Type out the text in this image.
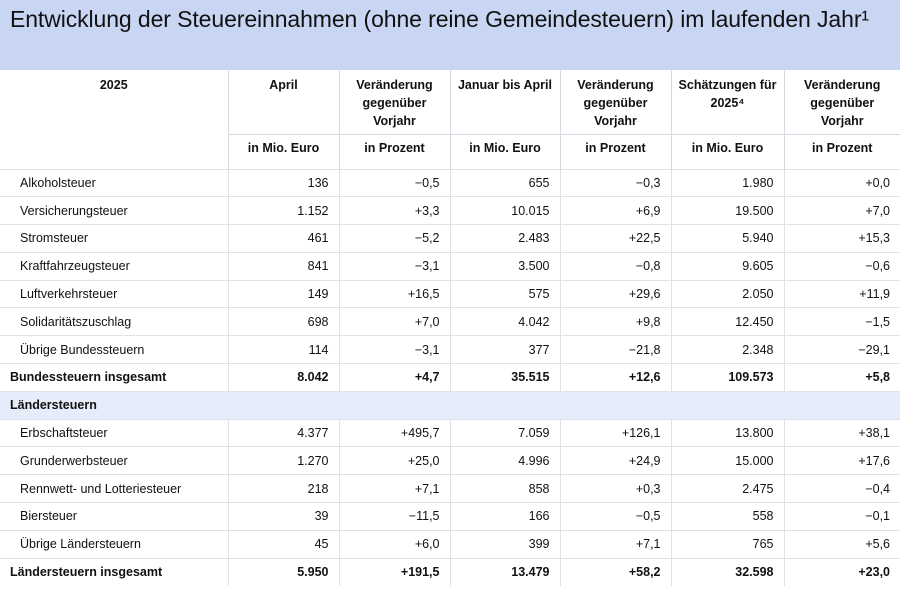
Entwicklung der Steuereinnahmen (ohne reine Gemeindesteuern) im laufenden Jahr¹
2025	April	Veränderung gegenüber Vorjahr	Januar bis April	Veränderung gegenüber Vorjahr	Schätzungen für 2025⁴	Veränderung gegenüber Vorjahr
	in Mio. Euro	in Prozent	in Mio. Euro	in Prozent	in Mio. Euro	in Prozent

Alkoholsteuer	136	−0,5	655	−0,3	1.980	+0,0
Versicherungsteuer	1.152	+3,3	10.015	+6,9	19.500	+7,0
Stromsteuer	461	−5,2	2.483	+22,5	5.940	+15,3
Kraftfahrzeugsteuer	841	−3,1	3.500	−0,8	9.605	−0,6
Luftverkehrsteuer	149	+16,5	575	+29,6	2.050	+11,9
Solidaritätszuschlag	698	+7,0	4.042	+9,8	12.450	−1,5
Übrige Bundessteuern	114	−3,1	377	−21,8	2.348	−29,1
Bundessteuern insgesamt	8.042	+4,7	35.515	+12,6	109.573	+5,8
Ländersteuern						
Erbschaftsteuer	4.377	+495,7	7.059	+126,1	13.800	+38,1
Grunderwerbsteuer	1.270	+25,0	4.996	+24,9	15.000	+17,6
Rennwett- und Lotteriesteuer	218	+7,1	858	+0,3	2.475	−0,4
Biersteuer	39	−11,5	166	−0,5	558	−0,1
Übrige Ländersteuern	45	+6,0	399	+7,1	765	+5,6
Ländersteuern insgesamt	5.950	+191,5	13.479	+58,2	32.598	+23,0
